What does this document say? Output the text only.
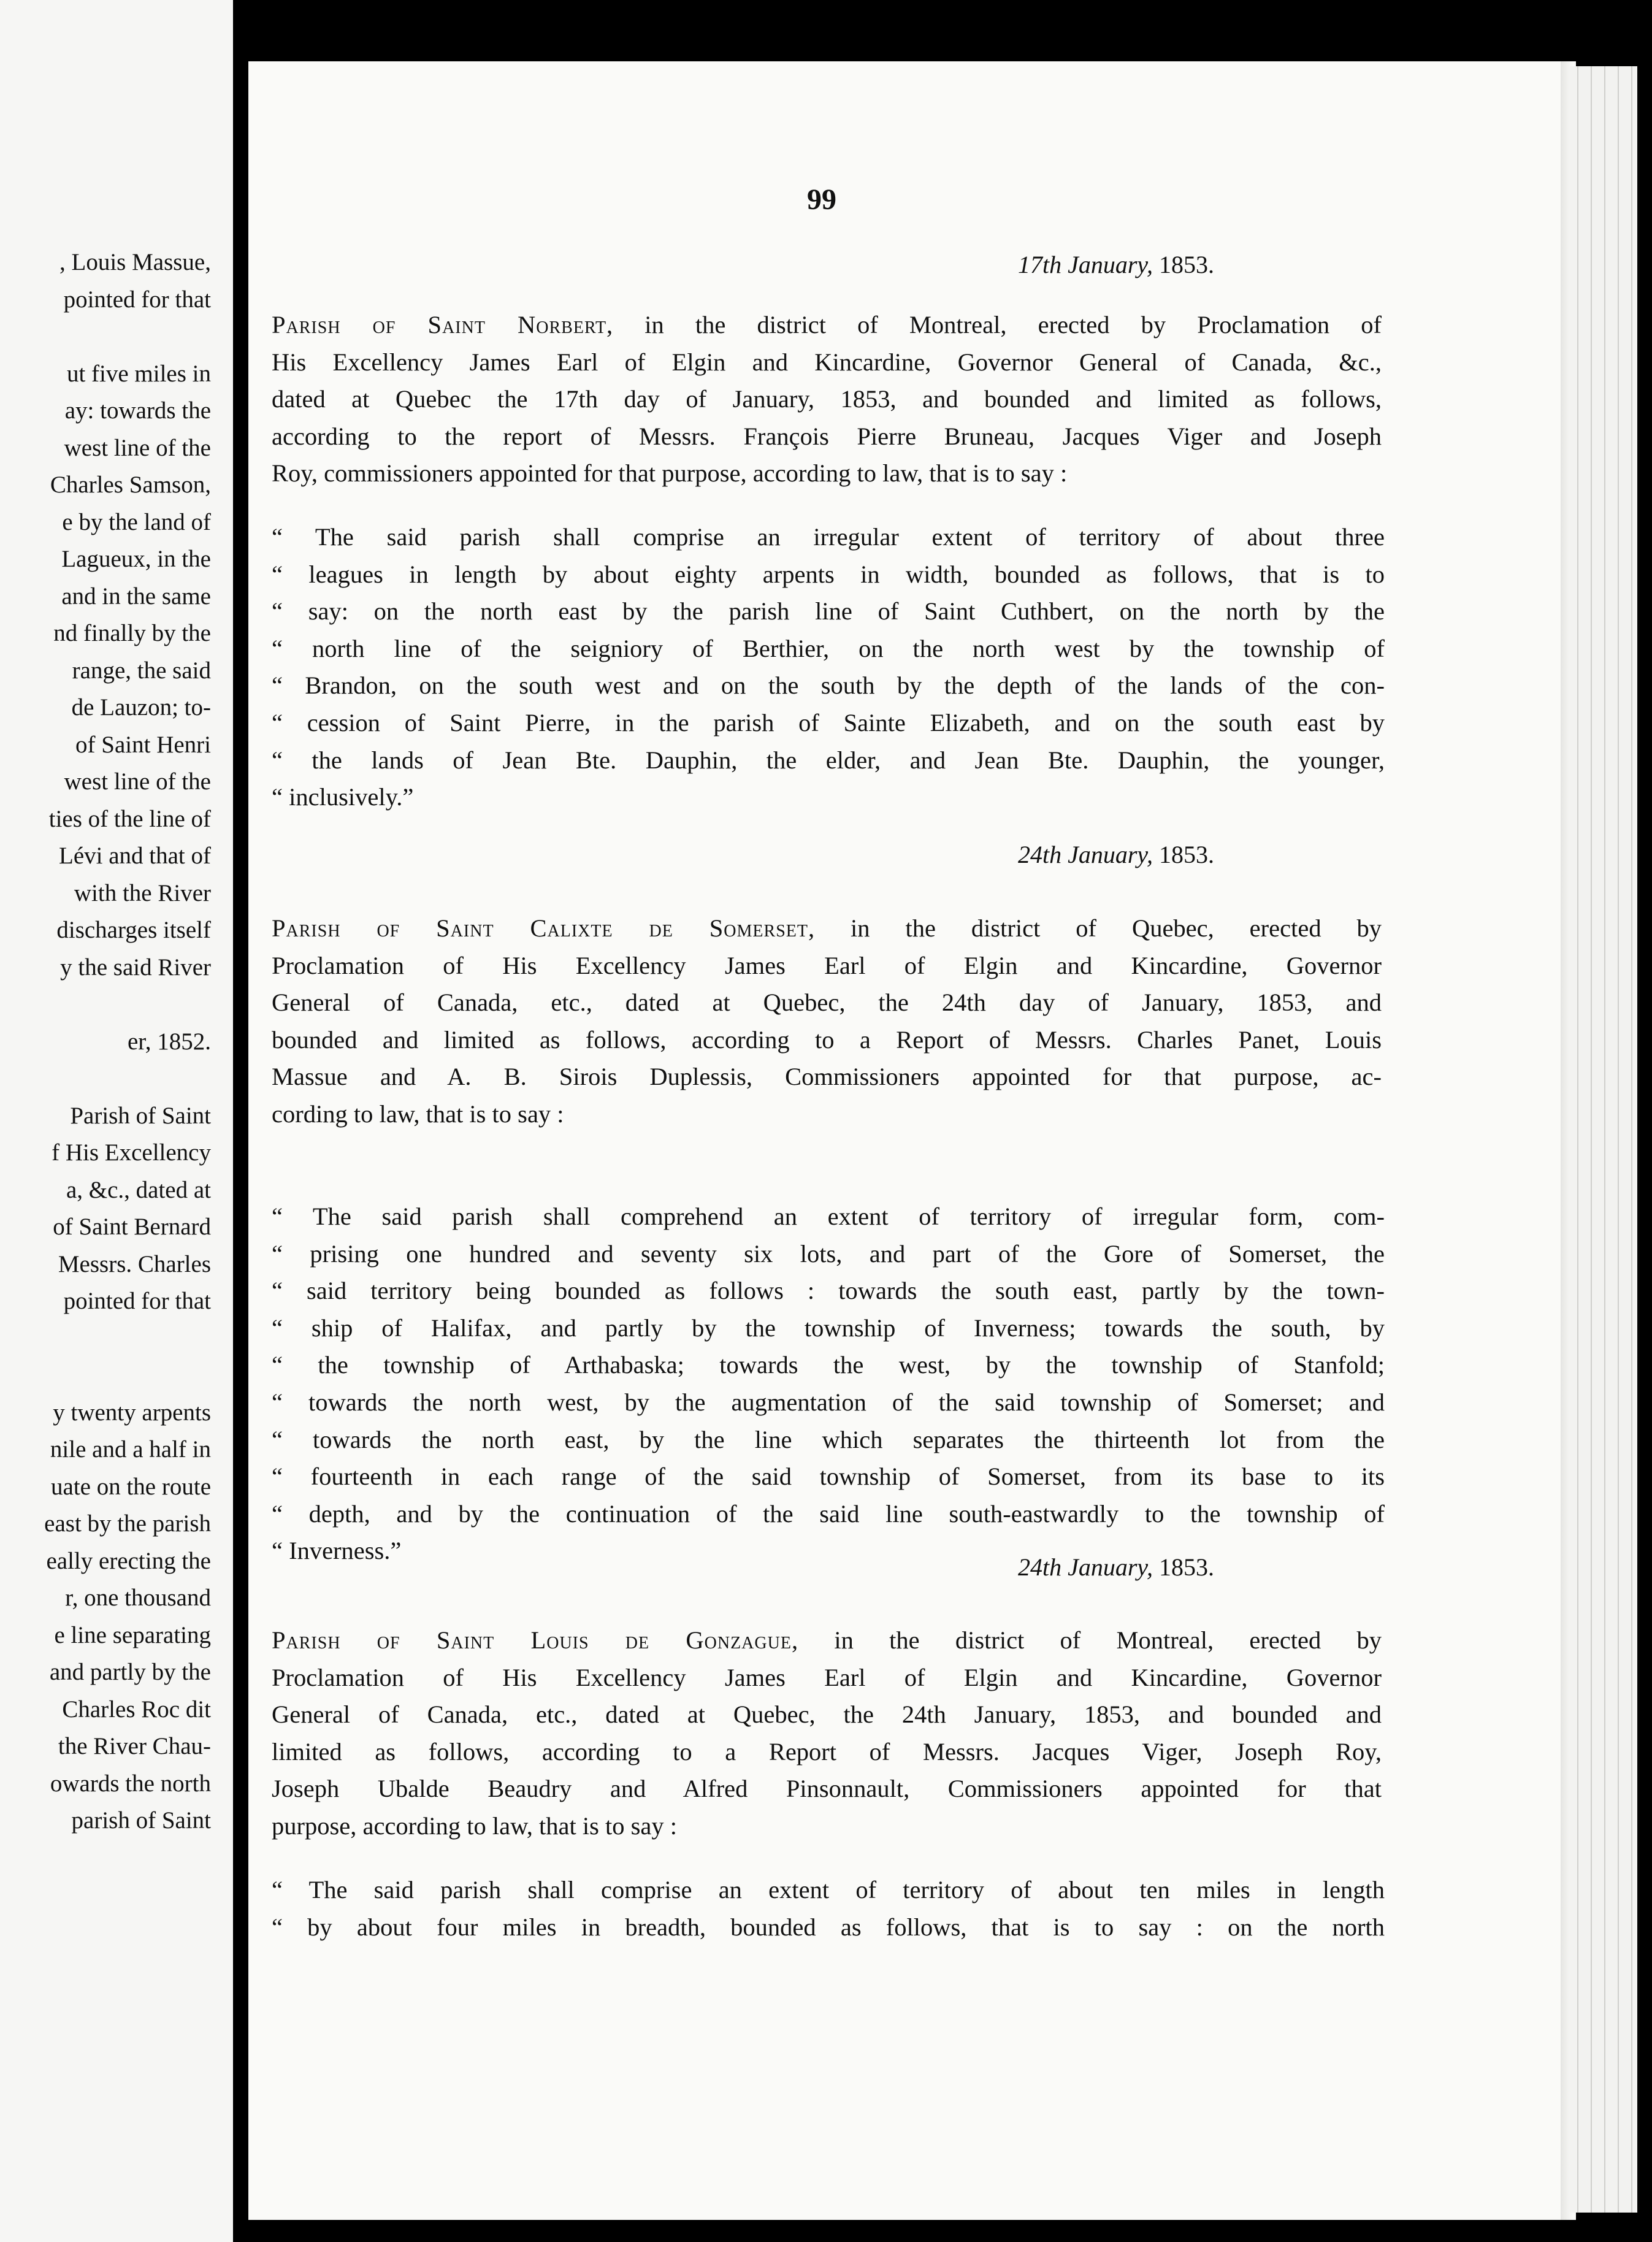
, Louis Massue,
pointed for that
ut five miles in
ay: towards the
west line of the
Charles Samson,
e by the land of
Lagueux, in the
and in the same
nd finally by the
range, the said
de Lauzon; to-
of Saint Henri
west line of the
ties of the line of
Lévi and that of
with the River
discharges itself
y the said River
er, 1852.
Parish of Saint
f His Excellency
a, &c., dated at
of Saint Bernard
Messrs. Charles
pointed for that
y twenty arpents
nile and a half in
uate on the route
east by the parish
eally erecting the
r, one thousand
e line separating
and partly by the
Charles Roc dit
the River Chau-
owards the north
parish of Saint
99
17th January, 1853.
Parish of Saint Norbert, in the district of Montreal, erected by Proclamation of
His Excellency James Earl of Elgin and Kincardine, Governor General of Canada, &c.,
dated at Quebec the 17th day of January, 1853, and bounded and limited as follows,
according to the report of Messrs. François Pierre Bruneau, Jacques Viger and Joseph
Roy, commissioners appointed for that purpose, according to law, that is to say :
“ The said parish shall comprise an irregular extent of territory of about three
“ leagues in length by about eighty arpents in width, bounded as follows, that is to
“ say: on the north east by the parish line of Saint Cuthbert, on the north by the
“ north line of the seigniory of Berthier, on the north west by the township of
“ Brandon, on the south west and on the south by the depth of the lands of the con-
“ cession of Saint Pierre, in the parish of Sainte Elizabeth, and on the south east by
“ the lands of Jean Bte. Dauphin, the elder, and Jean Bte. Dauphin, the younger,
“ inclusively.”
24th January, 1853.
Parish of Saint Calixte de Somerset, in the district of Quebec, erected by
Proclamation of His Excellency James Earl of Elgin and Kincardine, Governor
General of Canada, etc., dated at Quebec, the 24th day of January, 1853, and
bounded and limited as follows, according to a Report of Messrs. Charles Panet, Louis
Massue and A. B. Sirois Duplessis, Commissioners appointed for that purpose, ac-
cording to law, that is to say :
“ The said parish shall comprehend an extent of territory of irregular form, com-
“ prising one hundred and seventy six lots, and part of the Gore of Somerset, the
“ said territory being bounded as follows : towards the south east, partly by the town-
“ ship of Halifax, and partly by the township of Inverness; towards the south, by
“ the township of Arthabaska; towards the west, by the township of Stanfold;
“ towards the north west, by the augmentation of the said township of Somerset; and
“ towards the north east, by the line which separates the thirteenth lot from the
“ fourteenth in each range of the said township of Somerset, from its base to its
“ depth, and by the continuation of the said line south-eastwardly to the township of
“ Inverness.”
24th January, 1853.
Parish of Saint Louis de Gonzague, in the district of Montreal, erected by
Proclamation of His Excellency James Earl of Elgin and Kincardine, Governor
General of Canada, etc., dated at Quebec, the 24th January, 1853, and bounded and
limited as follows, according to a Report of Messrs. Jacques Viger, Joseph Roy,
Joseph Ubalde Beaudry and Alfred Pinsonnault, Commissioners appointed for that
purpose, according to law, that is to say :
“ The said parish shall comprise an extent of territory of about ten miles in length
“ by about four miles in breadth, bounded as follows, that is to say : on the north
